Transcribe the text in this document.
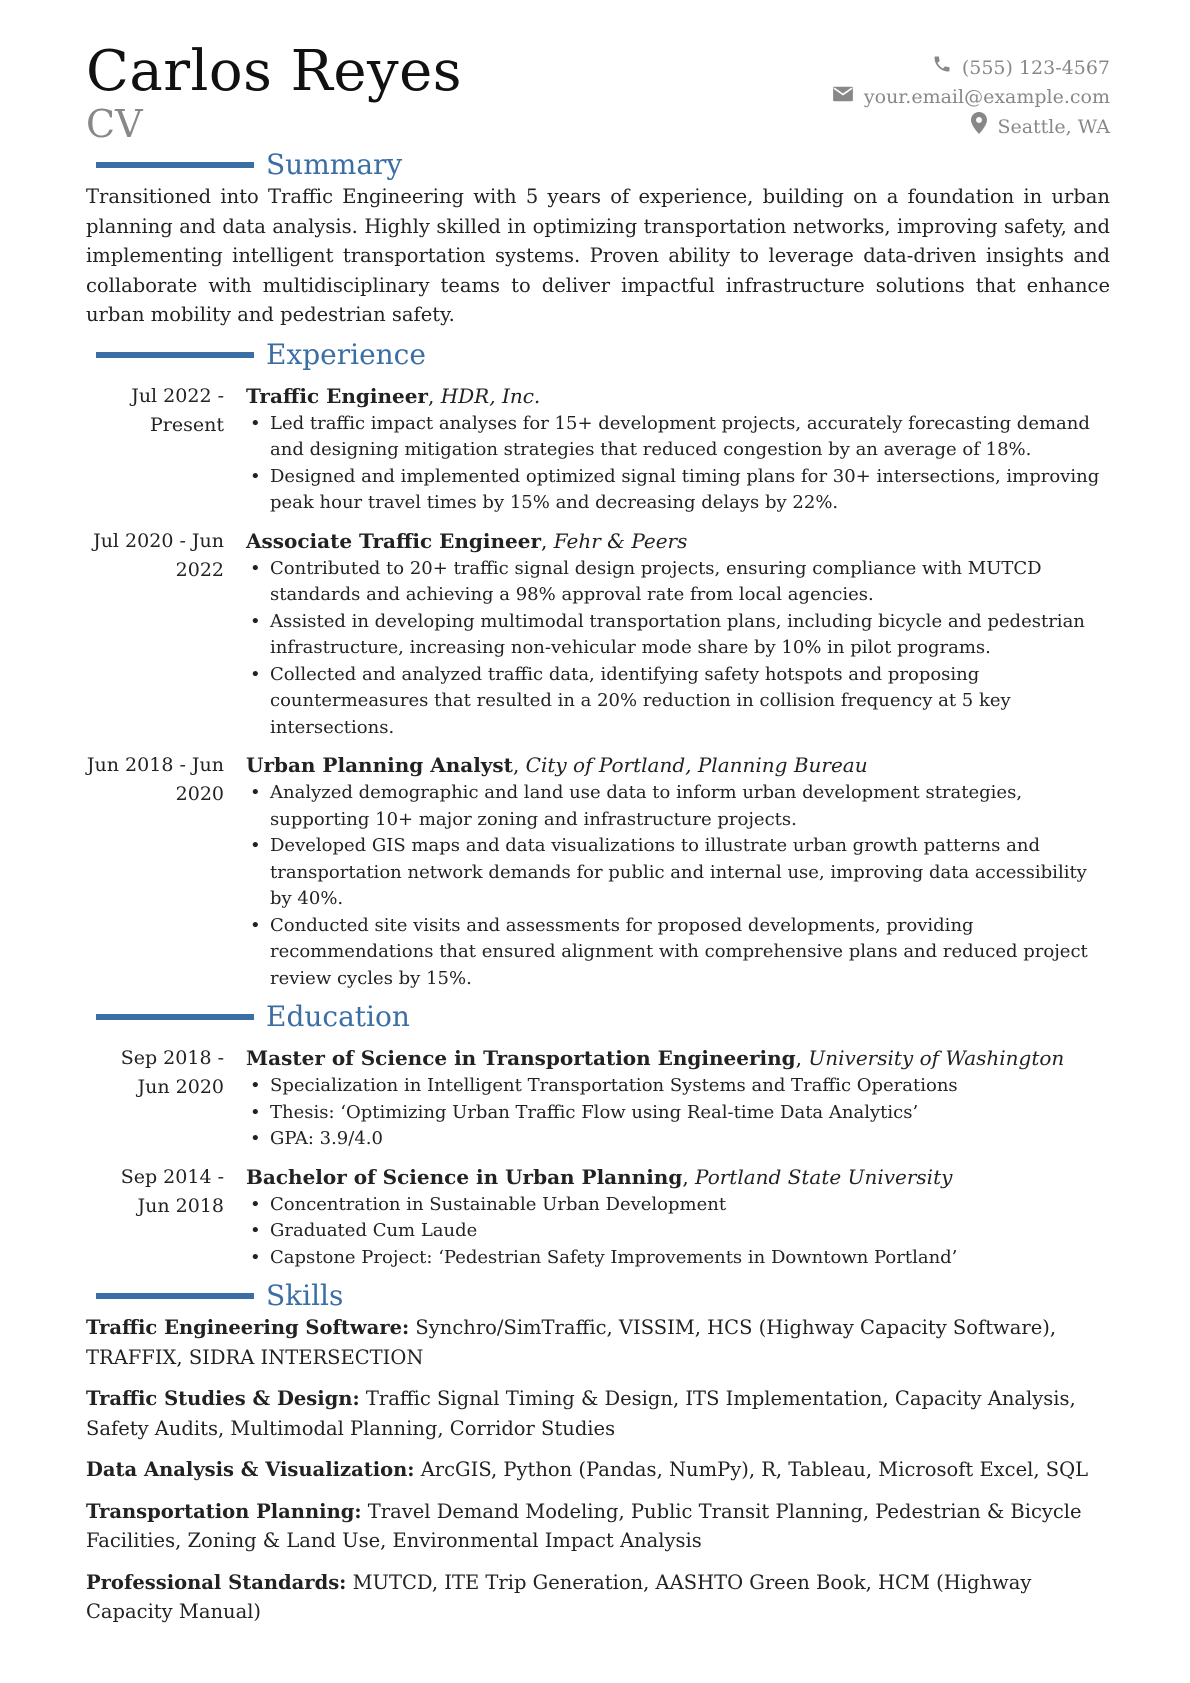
Carlos Reyes
CV
(555) 123-4567
your.email@example.com
Seattle, WA
Summary
Transitioned into Traffic Engineering with 5 years of experience, building on a foundation in urban planning and data analysis. Highly skilled in optimizing transportation networks, improving safety, and implementing intelligent transportation systems. Proven ability to leverage data-driven insights and collaborate with multidisciplinary teams to deliver impactful infrastructure solutions that enhance urban mobility and pedestrian safety.
Experience
Jul 2022 - Present
Traffic Engineer, HDR, Inc.
• Led traffic impact analyses for 15+ development projects, accurately forecasting demand and designing mitigation strategies that reduced congestion by an average of 18%.
• Designed and implemented optimized signal timing plans for 30+ intersections, improving peak hour travel times by 15% and decreasing delays by 22%.
Jul 2020 - Jun 2022
Associate Traffic Engineer, Fehr & Peers
• Contributed to 20+ traffic signal design projects, ensuring compliance with MUTCD standards and achieving a 98% approval rate from local agencies.
• Assisted in developing multimodal transportation plans, including bicycle and pedestrian infrastructure, increasing non-vehicular mode share by 10% in pilot programs.
• Collected and analyzed traffic data, identifying safety hotspots and proposing countermeasures that resulted in a 20% reduction in collision frequency at 5 key intersections.
Jun 2018 - Jun 2020
Urban Planning Analyst, City of Portland, Planning Bureau
• Analyzed demographic and land use data to inform urban development strategies, supporting 10+ major zoning and infrastructure projects.
• Developed GIS maps and data visualizations to illustrate urban growth patterns and transportation network demands for public and internal use, improving data accessibility by 40%.
• Conducted site visits and assessments for proposed developments, providing recommendations that ensured alignment with comprehensive plans and reduced project review cycles by 15%.
Education
Sep 2018 - Jun 2020
Master of Science in Transportation Engineering, University of Washington
• Specialization in Intelligent Transportation Systems and Traffic Operations
• Thesis: ‘Optimizing Urban Traffic Flow using Real-time Data Analytics’
• GPA: 3.9/4.0
Sep 2014 - Jun 2018
Bachelor of Science in Urban Planning, Portland State University
• Concentration in Sustainable Urban Development
• Graduated Cum Laude
• Capstone Project: ‘Pedestrian Safety Improvements in Downtown Portland’
Skills
Traffic Engineering Software: Synchro/SimTraffic, VISSIM, HCS (Highway Capacity Software), TRAFFIX, SIDRA INTERSECTION
Traffic Studies & Design: Traffic Signal Timing & Design, ITS Implementation, Capacity Analysis, Safety Audits, Multimodal Planning, Corridor Studies
Data Analysis & Visualization: ArcGIS, Python (Pandas, NumPy), R, Tableau, Microsoft Excel, SQL
Transportation Planning: Travel Demand Modeling, Public Transit Planning, Pedestrian & Bicycle Facilities, Zoning & Land Use, Environmental Impact Analysis
Professional Standards: MUTCD, ITE Trip Generation, AASHTO Green Book, HCM (Highway Capacity Manual)
